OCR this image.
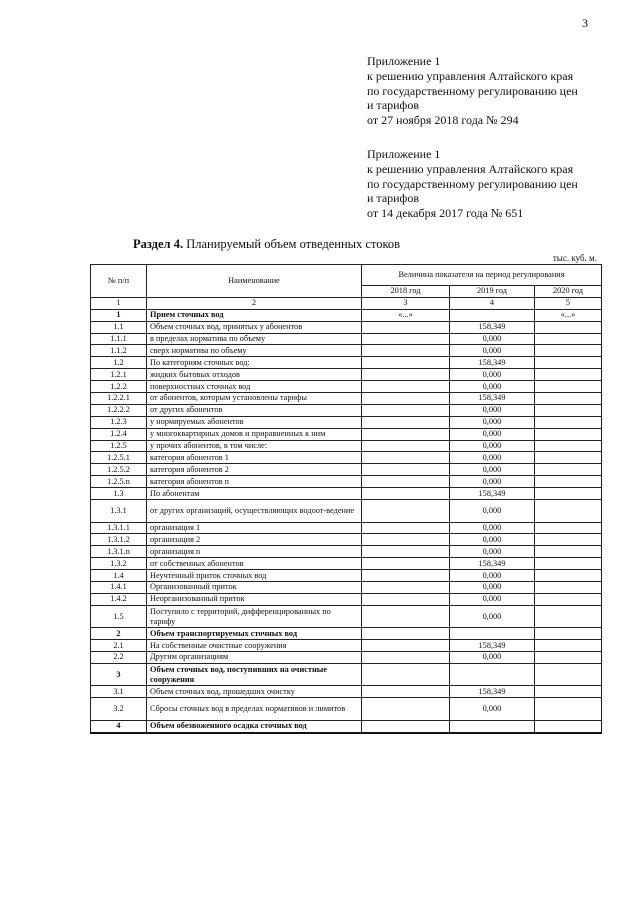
3
Приложение 1
к решению управления Алтайского края
по государственному регулированию цен
и тарифов
от 27 ноября 2018 года № 294
Приложение 1
к решению управления Алтайского края
по государственному регулированию цен
и тарифов
от 14 декабря 2017 года № 651
Раздел 4. Планируемый объем отведенных стоков
тыс. куб. м.
№ п/п	Наименование	Величина показателя на период регулирования		
		2018 год	2019 год	2020 год
1	2	3	4	5
1	Прием сточных вод	«...»		«...»
1.1	Объем сточных вод, принятых у абонентов		158,349	
1.1.1	в пределах норматива по объему		0,000	
1.1.2	сверх норматива по объему		0,000	
1.2	По категориям сточных вод:		158,349	
1.2.1	жидких бытовых отходов		0,000	
1.2.2	поверхностных сточных вод		0,000	
1.2.2.1	от абонентов, которым установлены тарифы		158,349	
1.2.2.2	от других абонентов		0,000	
1.2.3	у нормируемых абонентов		0,000	
1.2.4	у многоквартирных домов и приравненных к ним		0,000	
1.2.5	у прочих абонентов, в том числе:		0,000	
1.2.5.1	категория абонентов 1		0,000	
1.2.5.2	категория абонентов 2		0,000	
1.2.5.n	категория абонентов n		0,000	
1.3	По абонентам		158,349	
1.3.1	от других организаций, осуществляющих водоот-ведение		0,000	
1.3.1.1	организация 1		0,000	
1.3.1.2	организация 2		0,000	
1.3.1.n	организация n		0,000	
1.3.2	от собственных абонентов		158,349	
1.4	Неучтенный приток сточных вод		0,000	
1.4.1	Организованный приток		0,000	
1.4.2	Неорганизованный приток		0,000	
1.5	Поступило с территорий, дифференцированных по тарифу		0,000	
2	Объем транспортируемых сточных вод			
2.1	На собственные очистные сооружения		158,349	
2.2	Другим организациям		0,000	
3	Объем сточных вод, поступивших на очистные сооружения			
3.1	Объем сточных вод, прошедших очистку		158,349	
3.2	Сбросы сточных вод в пределах нормативов и лимитов		0,000	
4	Объем обезвоженного осадка сточных вод			
